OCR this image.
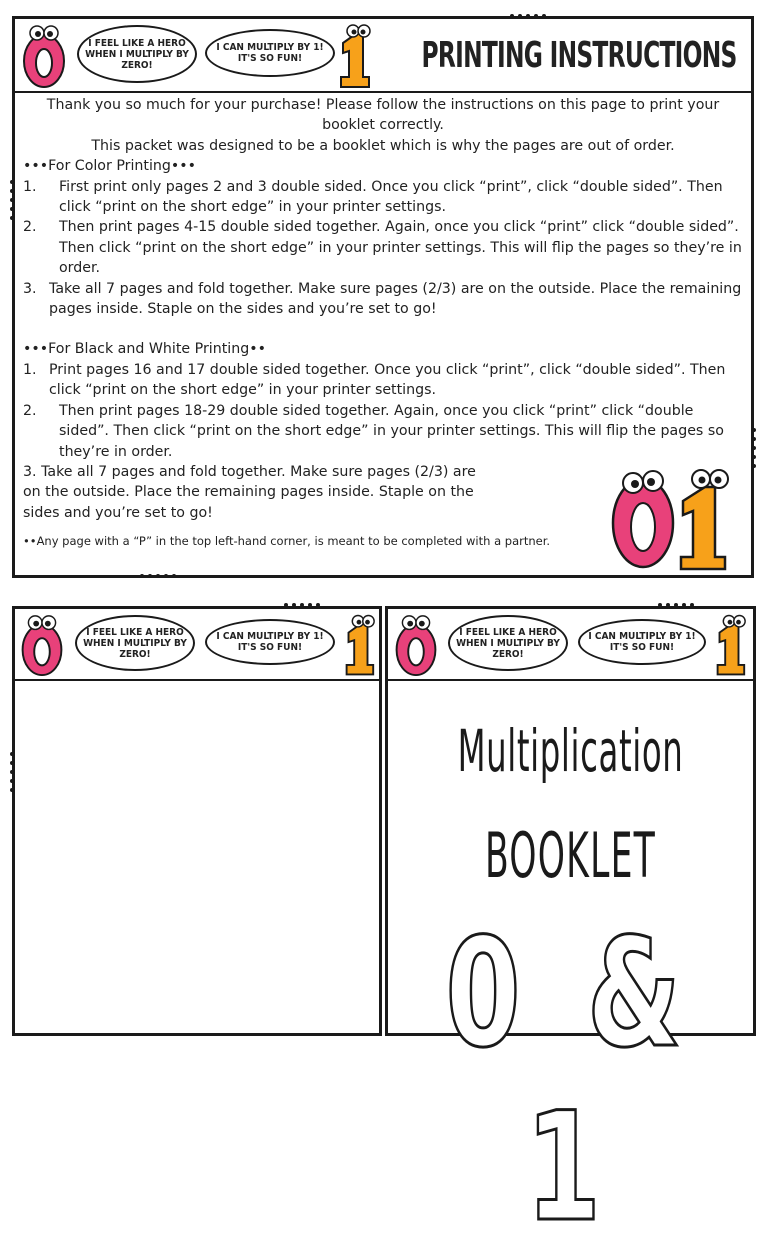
I FEEL LIKE A HERO WHEN I MULTIPLY BY ZERO!
I CAN MULTIPLY BY 1! IT'S SO FUN!	PRINTING INSTRUCTIONS
Thank you so much for your purchase! Please follow the instructions on this page to print your booklet correctly.
This packet was designed to be a booklet which is why the pages are out of order.
•••For Color Printing•••
1. First print only pages 2 and 3 double sided. Once you click “print”, click “double sided”. Then click “print on the short edge” in your printer settings.
2. Then print pages 4-15 double sided together. Again, once you click “print” click “double sided”. Then click “print on the short edge” in your printer settings. This will flip the pages so they’re in order.
3. Take all 7 pages and fold together. Make sure pages (2/3) are on the outside. Place the remaining pages inside. Staple on the sides and you’re set to go!
•••For Black and White Printing••
1. Print pages 16 and 17 double sided together. Once you click “print”, click “double sided”. Then click “print on the short edge” in your printer settings.
2. Then print pages 18-29 double sided together. Again, once you click “print” click “double sided”. Then click “print on the short edge” in your printer settings. This will flip the pages so they’re in order.
3. Take all 7 pages and fold together. Make sure pages (2/3) are on the outside. Place the remaining pages inside. Staple on the sides and you’re set to go!
••Any page with a “P” in the top left-hand corner, is meant to be completed with a partner.
I FEEL LIKE A HERO WHEN I MULTIPLY BY ZERO!
I CAN MULTIPLY BY 1! IT'S SO FUN!
I FEEL LIKE A HERO WHEN I MULTIPLY BY ZERO!
I CAN MULTIPLY BY 1! IT'S SO FUN!
Multiplication
BOOKLET
0 & 1
